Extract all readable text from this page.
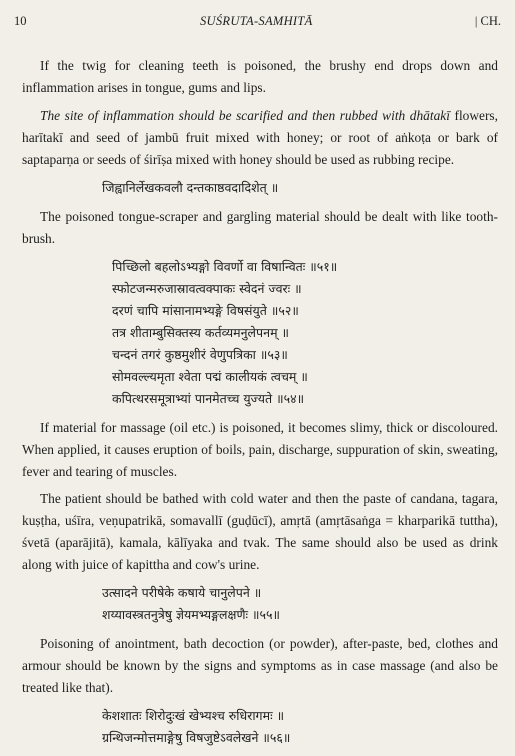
10	SUŚRUTA-SAMHITĀ	| CH.

If the twig for cleaning teeth is poisoned, the brushy end drops down and inflammation arises in tongue, gums and lips.

The site of inflammation should be scarified and then rubbed with dhātakī flowers, harītakī and seed of jambū fruit mixed with honey; or root of aṅkoṭa or bark of saptaparṇa or seeds of śirīṣa mixed with honey should be used as rubbing recipe.

जिह्वानिर्लेखकवलौ दन्तकाष्ठवदादिशेत् ॥

The poisoned tongue-scraper and gargling material should be dealt with like tooth-brush.

पिच्छिलो बहलोऽभ्यङ्गो विवर्णो वा विषान्वितः ॥५१॥
स्फोटजन्मरुजास्रावत्वक्पाकः स्वेदनं ज्वरः ॥
दरणं चापि मांसानामभ्यङ्गे विषसंयुते ॥५२॥
तत्र शीताम्बुसिक्तस्य कर्तव्यमनुलेपनम् ॥
चन्दनं तगरं कुष्ठमुशीरं वेणुपत्रिका ॥५३॥
सोमवल्ल्यमृता श्वेता पद्मं कालीयकं त्वचम् ॥
कपित्थरसमूत्राभ्यां पानमेतच्च युज्यते ॥५४॥

If material for massage (oil etc.) is poisoned, it becomes slimy, thick or discoloured. When applied, it causes eruption of boils, pain, discharge, suppuration of skin, sweating, fever and tearing of muscles.

The patient should be bathed with cold water and then the paste of candana, tagara, kuṣṭha, uśīra, veṇupatrikā, somavallī (guḍūcī), amṛtā (amṛtāsaṅga = kharparikā tuttha), śvetā (aparājitā), kamala, kālīyaka and tvak. The same should also be used as drink along with juice of kapittha and cow's urine.

उत्सादने परीषेके कषाये चानुलेपने ॥
शय्यावस्त्रतनुत्रेषु ज्ञेयमभ्यङ्गलक्षणैः ॥५५॥

Poisoning of anointment, bath decoction (or powder), after-paste, bed, clothes and armour should be known by the signs and symptoms as in case massage (and also be treated like that).

केशशातः शिरोदुःखं खेभ्यश्च रुधिरागमः ॥
ग्रन्थिजन्मोत्तमाङ्गेषु विषजुष्टेऽवलेखने ॥५६॥
